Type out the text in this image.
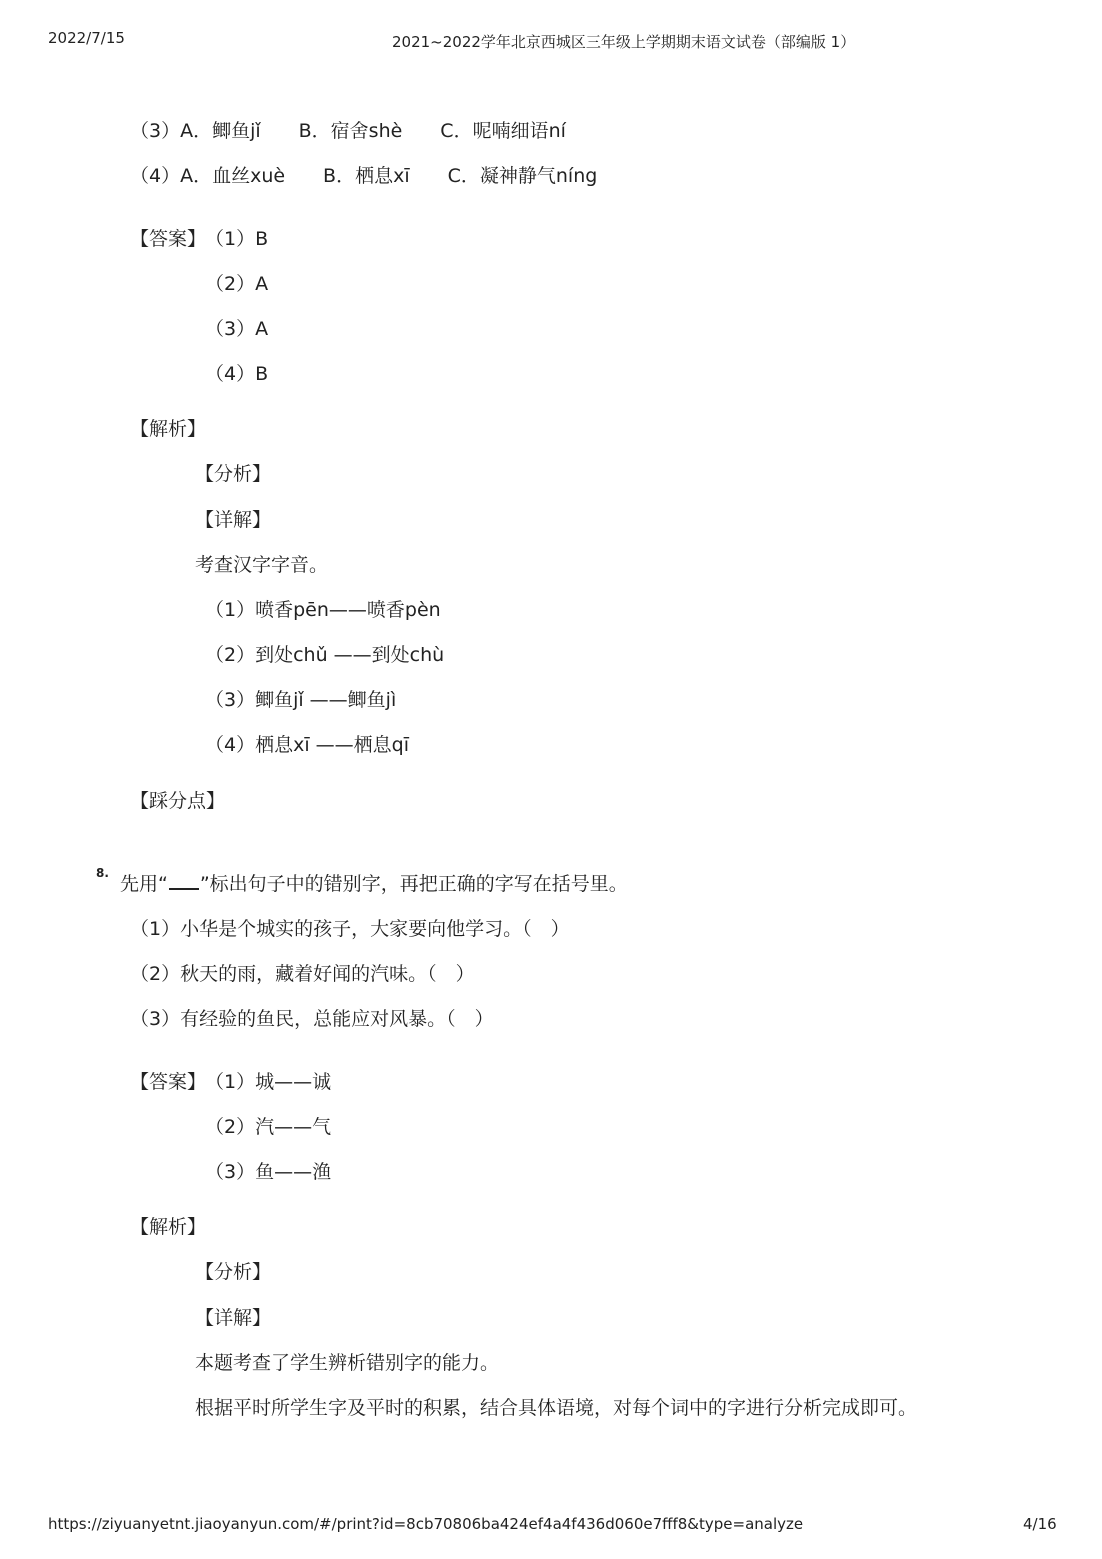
2022/7/15	2021~2022学年北京西城区三年级上学期期末语文试卷（部编版 1）
（3）A．鲫鱼jǐ　　B．宿舍shè　　C．呢喃细语ní
（4）A．血丝xuè　　B．栖息xī　　C．凝神静气níng
【答案】
（1）B
（2）A
（3）A
（4）B
【解析】
【分析】
【详解】
考查汉字字音。
（1）喷香pēn——喷香pèn
（2）到处chǔ ——到处chù
（3）鲫鱼jǐ ——鲫鱼jì
（4）栖息xī ——栖息qī
【踩分点】
8. 先用“ ”标出句子中的错别字，再把正确的字写在括号里。
（1）小华是个城实的孩子，大家要向他学习。（　）
（2）秋天的雨，藏着好闻的汽味。（　）
（3）有经验的鱼民，总能应对风暴。（　）
【答案】
（1）城——诚
（2）汽——气
（3）鱼——渔
【解析】
【分析】
【详解】
本题考查了学生辨析错别字的能力。
根据平时所学生字及平时的积累，结合具体语境，对每个词中的字进行分析完成即可。
https://ziyuanyetnt.jiaoyanyun.com/#/print?id=8cb70806ba424ef4a4f436d060e7fff8&type=analyze	4/16
